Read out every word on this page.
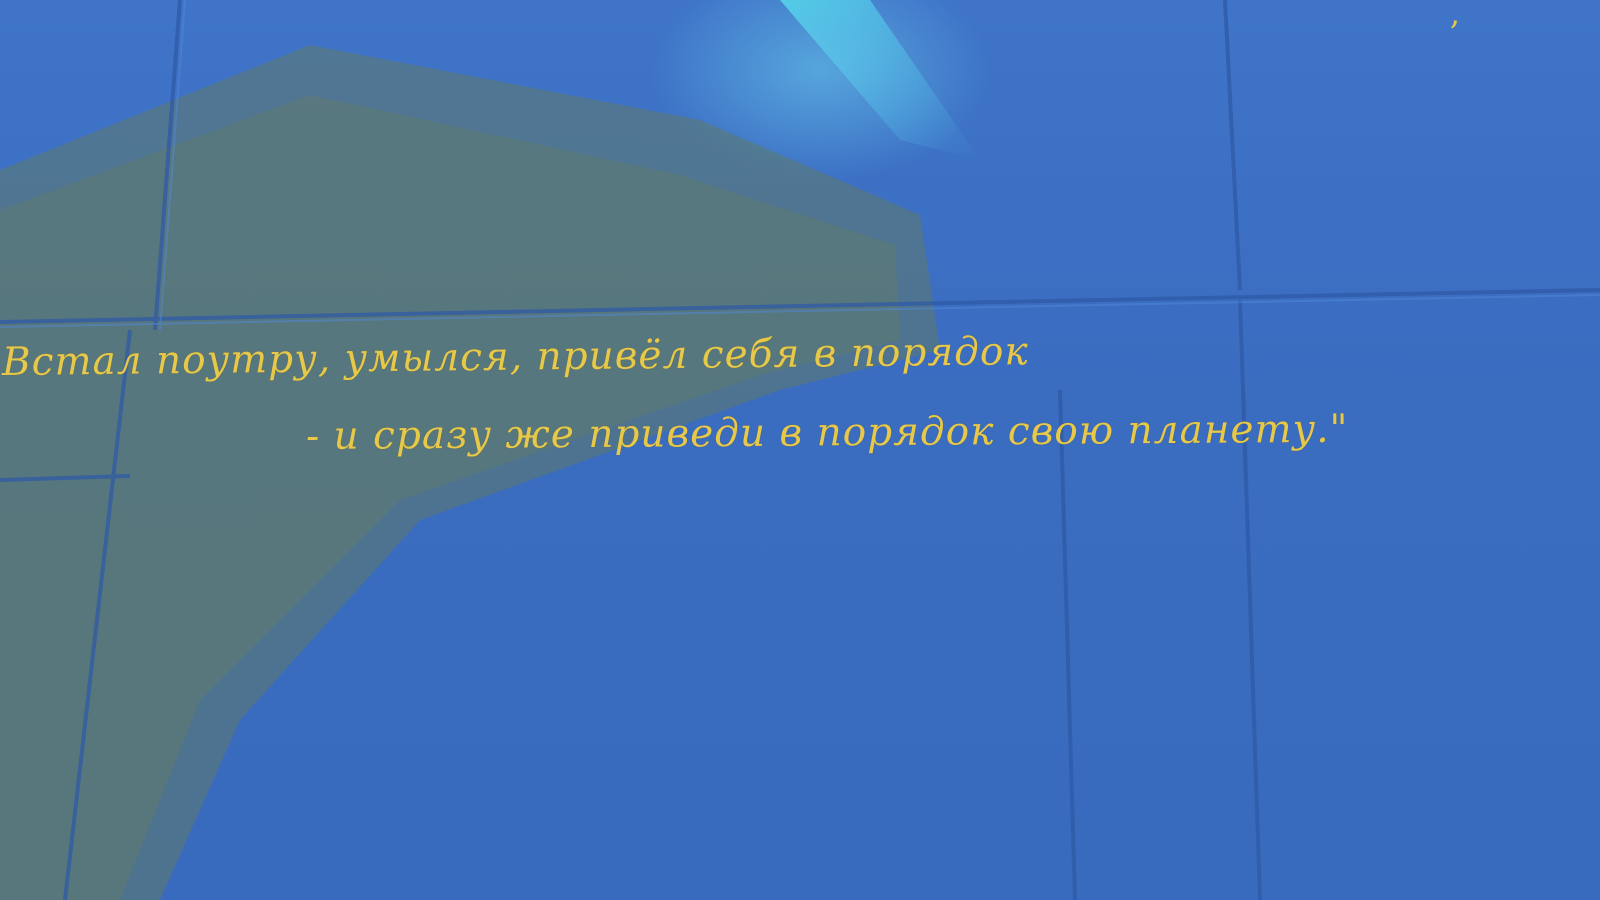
,

Встал поутру, умылся, привёл себя в порядок

- и сразу же приведи в порядок свою планету."
